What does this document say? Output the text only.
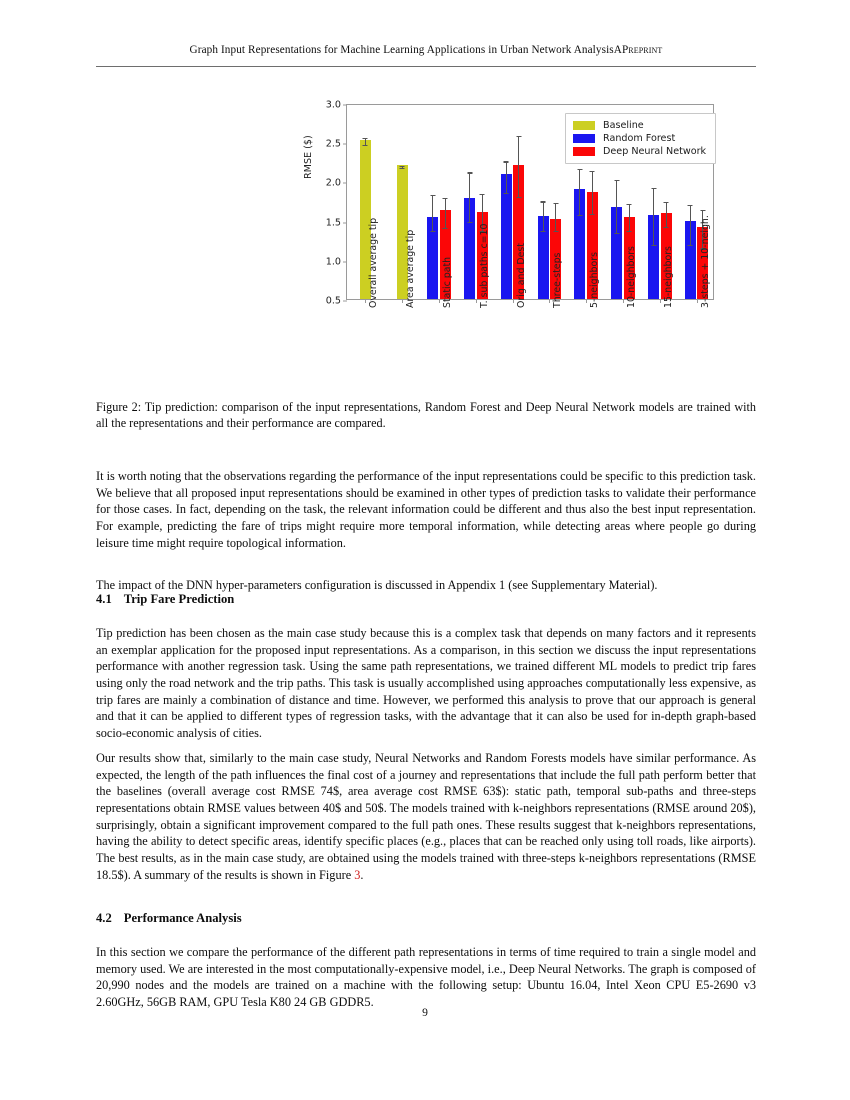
Graph Input Representations for Machine Learning Applications in Urban Network AnalysisAPreprint
RMSE ($)
0.5
1.0
1.5
2.0
2.5
3.0
Baseline
Random Forest
Deep Neural Network
Overall average tip	Area average tip	Static path	T. sub paths c=10	Orig and Dest	Three-steps	5-neighbors	10-neighbors	15-neighbors	3-steps + 10-neigh.
Figure 2: Tip prediction: comparison of the input representations, Random Forest and Deep Neural Network models are trained with all the representations and their performance are compared.
It is worth noting that the observations regarding the performance of the input representations could be specific to this prediction task. We believe that all proposed input representations should be examined in other types of prediction tasks to validate their performance for those cases. In fact, depending on the task, the relevant information could be different and thus also the best input representation. For example, predicting the fare of trips might require more temporal information, while detecting areas where people go during leisure time might require topological information.
The impact of the DNN hyper-parameters configuration is discussed in Appendix 1 (see Supplementary Material).
4.1 Trip Fare Prediction
Tip prediction has been chosen as the main case study because this is a complex task that depends on many factors and it represents an exemplar application for the proposed input representations. As a comparison, in this section we discuss the input representations performance with another regression task. Using the same path representations, we trained different ML models to predict trip fares using only the road network and the trip paths. This task is usually accomplished using approaches computationally less expensive, as trip fares are mainly a combination of distance and time. However, we performed this analysis to prove that our approach is general and that it can be applied to different types of regression tasks, with the advantage that it can also be used for in-depth graph-based socio-economic analysis of cities.
Our results show that, similarly to the main case study, Neural Networks and Random Forests models have similar performance. As expected, the length of the path influences the final cost of a journey and representations that include the full path perform better that the baselines (overall average cost RMSE 74$, area average cost RMSE 63$): static path, temporal sub-paths and three-steps representations obtain RMSE values between 40$ and 50$. The models trained with k-neighbors representations (RMSE around 20$), surprisingly, obtain a significant improvement compared to the full path ones. These results suggest that k-neighbors representations, having the ability to detect specific areas, identify specific places (e.g., places that can be reached only using toll roads, like airports). The best results, as in the main case study, are obtained using the models trained with three-steps k-neighbors representations (RMSE 18.5$). A summary of the results is shown in Figure 3.
4.2 Performance Analysis
In this section we compare the performance of the different path representations in terms of time required to train a single model and memory used. We are interested in the most computationally-expensive model, i.e., Deep Neural Networks. The graph is composed of 20,990 nodes and the models are trained on a machine with the following setup: Ubuntu 16.04, Intel Xeon CPU E5-2690 v3 2.60GHz, 56GB RAM, GPU Tesla K80 24 GB GDDR5.
9
